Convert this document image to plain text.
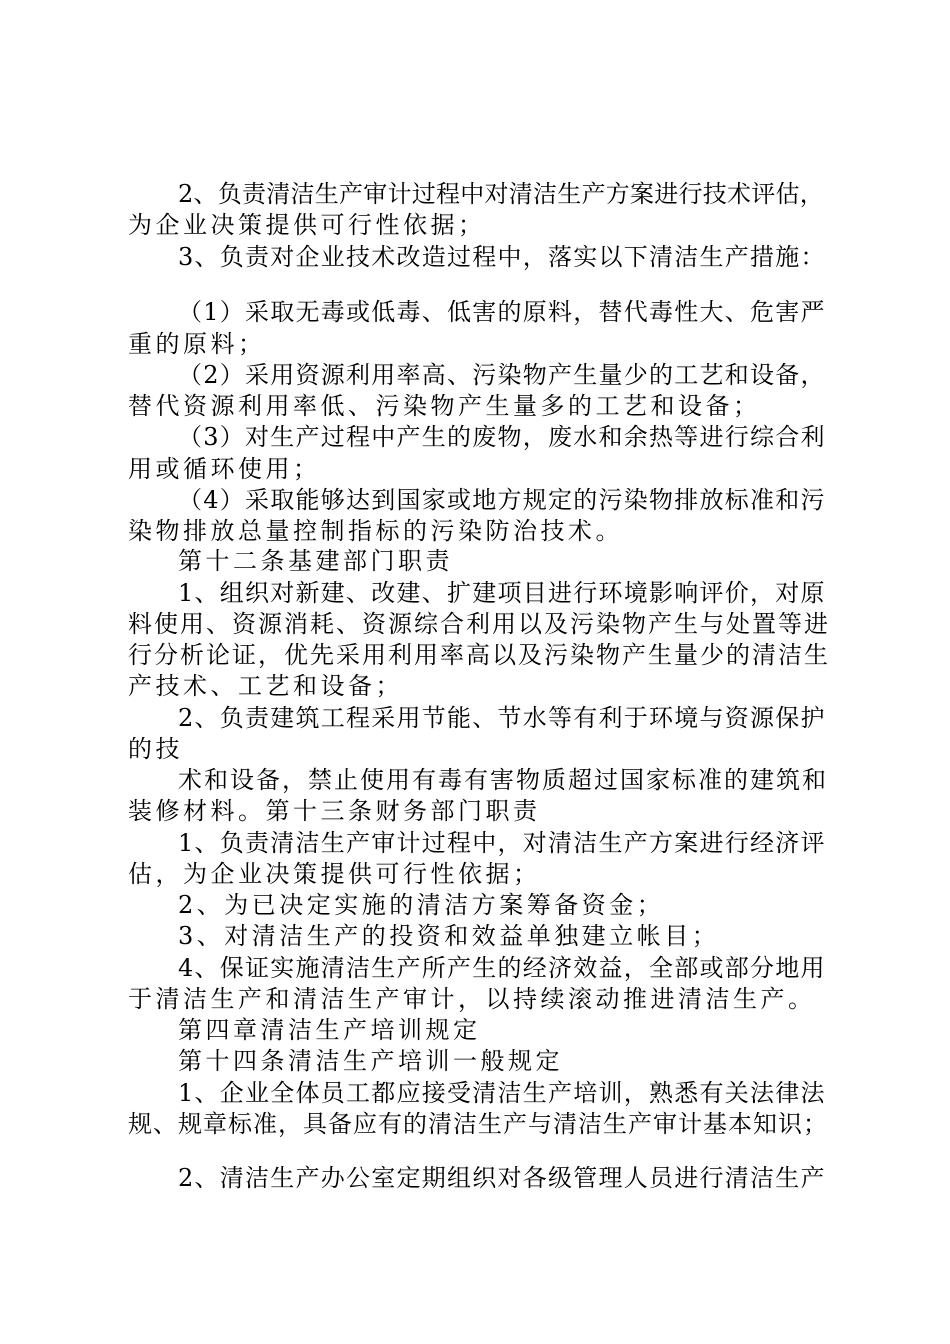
2、负责清洁生产审计过程中对清洁生产方案进行技术评估，
为企业决策提供可行性依据；
3、负责对企业技术改造过程中，落实以下清洁生产措施：
（1）采取无毒或低毒、低害的原料，替代毒性大、危害严
重的原料；
（2）采用资源利用率高、污染物产生量少的工艺和设备，
替代资源利用率低、污染物产生量多的工艺和设备；
（3）对生产过程中产生的废物，废水和余热等进行综合利
用或循环使用；
（4）采取能够达到国家或地方规定的污染物排放标准和污
染物排放总量控制指标的污染防治技术。
第十二条基建部门职责
1、组织对新建、改建、扩建项目进行环境影响评价，对原
料使用、资源消耗、资源综合利用以及污染物产生与处置等进
行分析论证，优先采用利用率高以及污染物产生量少的清洁生
产技术、工艺和设备；
2、负责建筑工程采用节能、节水等有利于环境与资源保护
的技
术和设备，禁止使用有毒有害物质超过国家标准的建筑和
装修材料。第十三条财务部门职责
1、负责清洁生产审计过程中，对清洁生产方案进行经济评
估，为企业决策提供可行性依据；
2、为已决定实施的清洁方案筹备资金；
3、对清洁生产的投资和效益单独建立帐目；
4、保证实施清洁生产所产生的经济效益，全部或部分地用
于清洁生产和清洁生产审计，以持续滚动推进清洁生产。
第四章清洁生产培训规定
第十四条清洁生产培训一般规定
1、企业全体员工都应接受清洁生产培训，熟悉有关法律法
规、规章标准，具备应有的清洁生产与清洁生产审计基本知识；
2、清洁生产办公室定期组织对各级管理人员进行清洁生产
